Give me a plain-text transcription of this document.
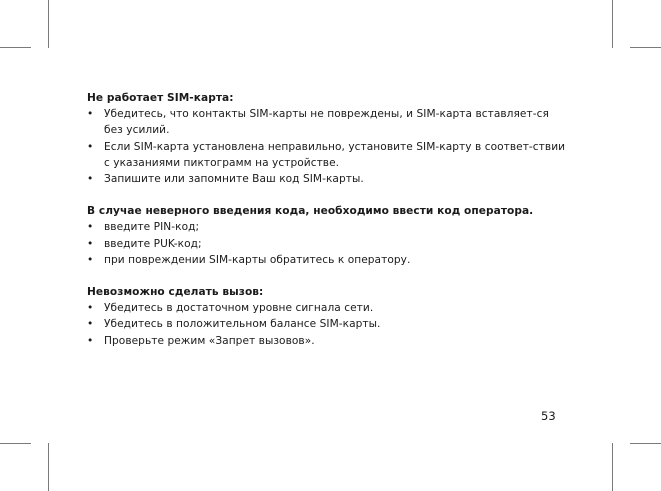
Не работает SIM-карта:

• Убедитесь, что контакты SIM-карты не повреждены, и SIM-карта вставляет-ся без усилий.
• Если SIM-карта установлена неправильно, установите SIM-карту в соответ-ствии с указаниями пиктограмм на устройстве.
• Запишите или запомните Ваш код SIM-карты.

В случае неверного введения кода, необходимо ввести код оператора.

• введите PIN-код;
• введите PUK-код;
• при повреждении SIM-карты обратитесь к оператору.

Невозможно сделать вызов:

• Убедитесь в достаточном уровне сигнала сети.
• Убедитесь в положительном балансе SIM-карты.
• Проверьте режим «Запрет вызовов».
53
